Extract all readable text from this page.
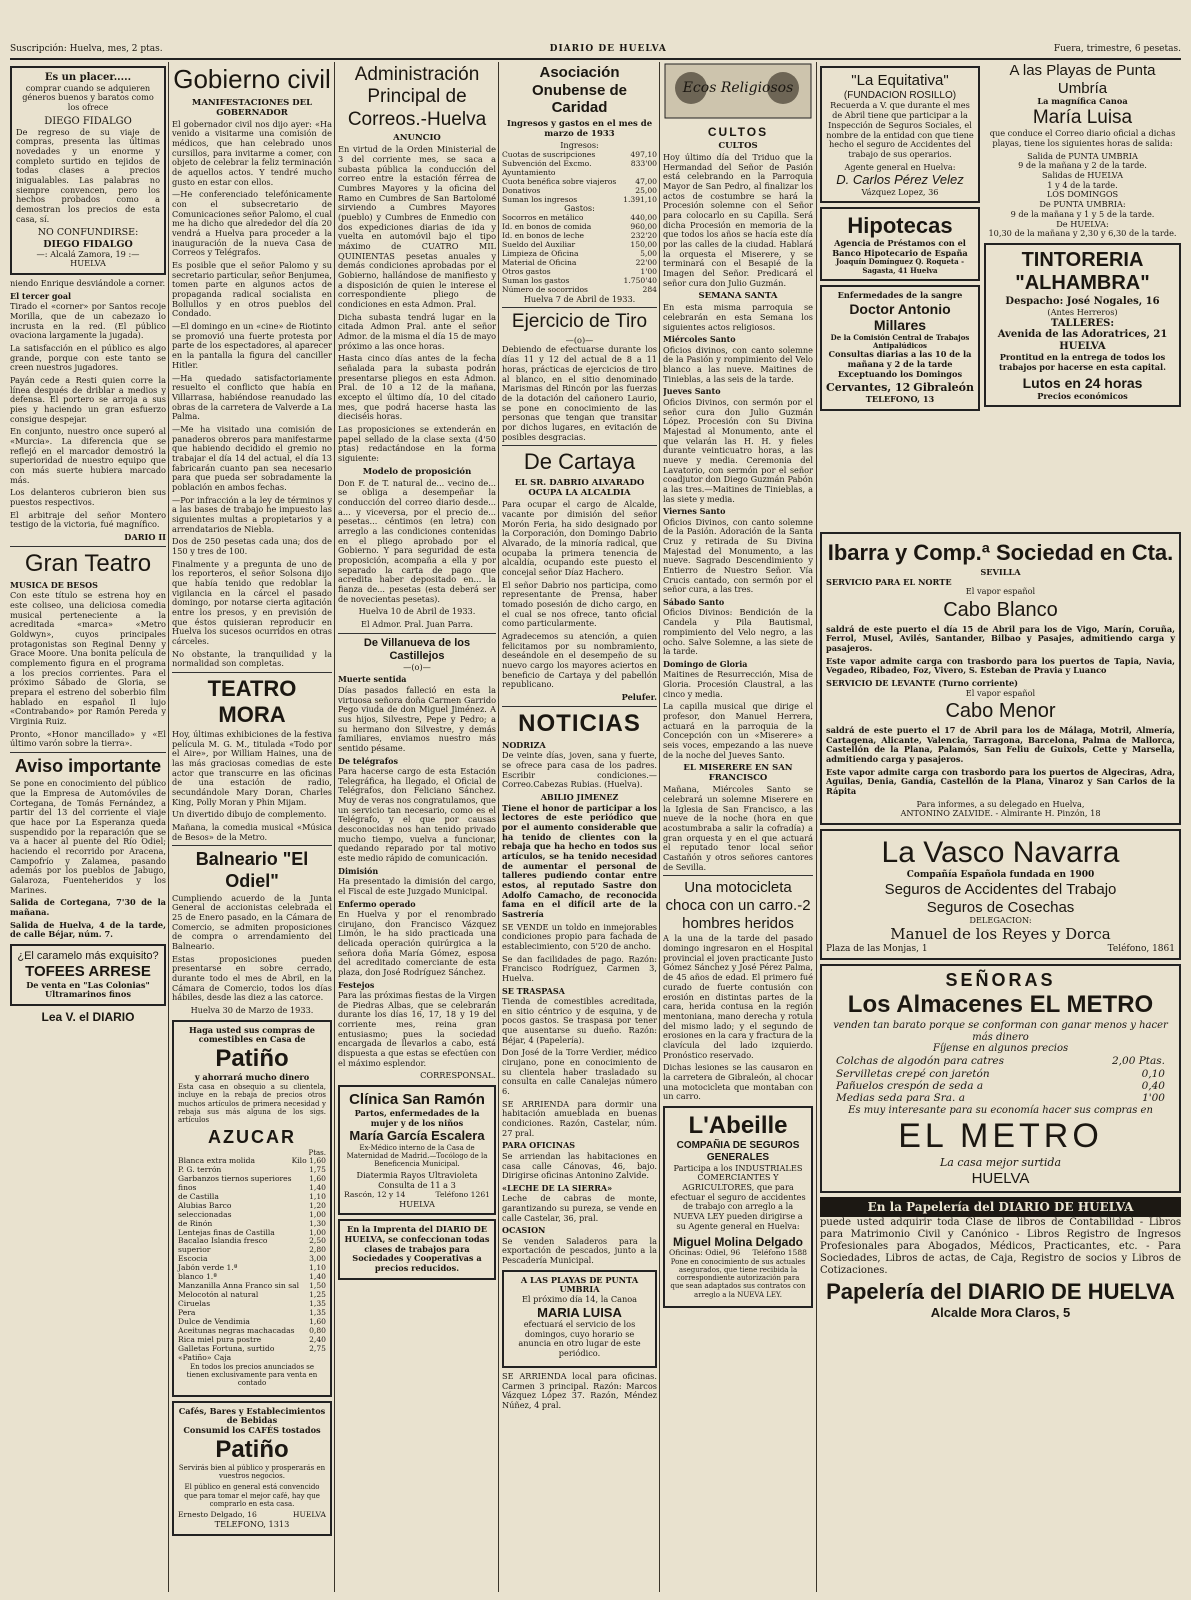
Suscripción: Huelva, mes, 2 ptas.	DIARIO DE HUELVA	Fuera, trimestre, 6 pesetas.
Es un placer.....

comprar cuando se adquieren géneros buenos y baratos como los ofrece

DIEGO FIDALGO

De regreso de su viaje de compras, presenta las últimas novedades y un enorme y completo surtido en tejidos de todas clases a precios inigualables. Las palabras no siempre convencen, pero los hechos probados como a demostran los precios de esta casa, sí.

NO CONFUNDIRSE:
DIEGO FIDALGO
—: Alcalá Zamora, 19 :—
HUELVA

niendo Enrique desviándole a corner.

El tercer goal

Tirado el «corner» por Santos recoje Morilla, que de un cabezazo lo incrusta en la red. (El público ovaciona largamente la jugada).

La satisfacción en el público es algo grande, porque con este tanto se creen nuestros jugadores.

Payán cede a Resti quien corre la línea después de driblar a medios y defensa. El portero se arroja a sus pies y haciendo un gran esfuerzo consigue despejar.

En conjunto, nuestro once superó al «Murcia». La diferencia que se reflejó en el marcador demostró la superioridad de nuestro equipo que con más suerte hubiera marcado más.

Los delanteros cubrieron bien sus puestos respectivos.

El arbitraje del señor Montero testigo de la victoria, fué magnífico.

DARIO II
Gran Teatro
MUSICA DE BESOS

Con este título se estrena hoy en este coliseo, una deliciosa comedia musical perteneciente a la acreditada «marca» «Metro Goldwyn», cuyos principales protagonistas son Reginal Denny y Grace Moore. Una bonita película de complemento figura en el programa a los precios corrientes. Para el próximo Sábado de Gloria, se prepara el estreno del soberbio film hablado en español Il lujo «Contrabando» por Ramón Pereda y Virginia Ruiz.

Pronto, «Honor mancillado» y «El último varón sobre la tierra».

Aviso importante

Se pone en conocimiento del público que la Empresa de Automóviles de Cortegana, de Tomás Fernández, a partir del 13 del corriente el viaje que hace por La Esperanza queda suspendido por la reparación que se va a hacer al puente del Río Odiel; haciendo el recorrido por Aracena, Campofrío y Zalamea, pasando además por los pueblos de Jabugo, Galaroza, Fuenteheridos y los Marines.

Salida de Cortegana, 7'30 de la mañana.

Salida de Huelva, 4 de la tarde, de calle Béjar, núm. 7.

¿El caramelo más exquisito?
TOFEES ARRESE
De venta en "Las Colonias"
Ultramarinos finos
Lea V. el DIARIO
Gobierno civil
MANIFESTACIONES DEL GOBERNADOR

El gobernador civil nos dijo ayer: «Ha venido a visitarme una comisión de médicos, que han celebrado unos cursillos, para invitarme a comer, con objeto de celebrar la feliz terminación de aquellos actos. Y tendré mucho gusto en estar con ellos.

—He conferenciado telefónicamente con el subsecretario de Comunicaciones señor Palomo, el cual me ha dicho que alrededor del día 20 vendrá a Huelva para proceder a la inauguración de la nueva Casa de Correos y Telégrafos.

Es posible que el señor Palomo y su secretario particular, señor Benjumea, tomen parte en algunos actos de propaganda radical socialista en Bollullos y en otros pueblos del Condado.

—El domingo en un «cine» de Riotinto se promovió una fuerte protesta por parte de los espectadores, al aparecer en la pantalla la figura del canciller Hitler.

—Ha quedado satisfactoriamente resuelto el conflicto que había en Villarrasa, habiéndose reanudado las obras de la carretera de Valverde a La Palma.

—Me ha visitado una comisión de panaderos obreros para manifestarme que habiendo decidido el gremio no trabajar el día 14 del actual, el día 13 fabricarán cuanto pan sea necesario para que pueda ser sobradamente la población en ambos fechas.

—Por infracción a la ley de términos y a las bases de trabajo he impuesto las siguientes multas a propietarios y a arrendatarios de Niebla.

Dos de 250 pesetas cada una; dos de 150 y tres de 100.

Finalmente y a pregunta de uno de los reporteros, el señor Solsona dijo que había tenido que redoblar la vigilancia en la cárcel el pasado domingo, por notarse cierta agitación entre los presos, y en previsión de que éstos quisieran reproducir en Huelva los sucesos ocurridos en otras cárceles.

No obstante, la tranquilidad y la normalidad son completas.

TEATRO MORA

Hoy, últimas exhibiciones de la festiva película M. G. M., titulada «Todo por el Aire», por William Haines, una de las más graciosas comedias de este actor que transcurre en las oficinas de una estación de radio, secundándole Mary Doran, Charles King, Polly Moran y Phin Mijam.

Un divertido dibujo de complemento.

Mañana, la comedia musical «Música de Besos» de la Metro.

Balneario "El Odiel"

Cumpliendo acuerdo de la Junta General de accionistas celebrada el 25 de Enero pasado, en la Cámara de Comercio, se admiten proposiciones de compra o arrendamiento del Balneario.

Estas proposiciones pueden presentarse en sobre cerrado, durante todo el mes de Abril, en la Cámara de Comercio, todos los días hábiles, desde las diez a las catorce.

Huelva 30 de Marzo de 1933.

Haga usted sus compras de comestibles en Casa de
Patiño
y ahorrará mucho dinero

Esta casa en obsequio a su clientela, incluye en la rebaja de precios otros muchos artículos de primera necesidad y rebaja sus más alguna de los sigs. artículos

AZUCAR
Ptas.
Blanca extra molida	Kilo 1,60
P. G. terrón	1,75
Garbanzos tiernos superiores 1,60
finos	1,40
de Castilla	1,10
Alubias Barco	1,20
seleccionadas	1,00
de Rinón	1,30
Lentejas finas de Castilla	1,00
Bacalao Islandia fresco	2,50
superior	2,80
Escocia	3,00
Jabón verde 1.ª	1,10
blanco 1.ª	1,40
Manzanilla Anna Franco sin sal 1,50
Melocotón al natural	1,25
Ciruelas	1,35
Pera	1,35
Dulce de Vendimia	1,60
Aceitunas negras machacadas 0,80
Rica miel pura postre	2,40
Galletas Fortuna, surtido «Patiño» Caja
2,75

En todos los precios anunciados se tienen exclusivamente para venta en contado

Cafés, Bares y Establecimientos de Bebidas
Consumid los CAFÉS tostados
Patiño

Servirás bien al público y prosperarás en vuestros negocios.

El público en general está convencido que para tomar el mejor café, hay que comprarlo en esta casa.

Ernesto Delgado, 16	HUELVA
TELEFONO, 1313
Administración Principal de Correos.-Huelva
ANUNCIO

En virtud de la Orden Ministerial de 3 del corriente mes, se saca a subasta pública la conducción del correo entre la estación férrea de Cumbres Mayores y la oficina del Ramo en Cumbres de San Bartolomé sirviendo a Cumbres Mayores (pueblo) y Cumbres de Enmedio con dos expediciones diarias de ida y vuelta en automóvil bajo el tipo máximo de CUATRO MIL QUINIENTAS pesetas anuales y demás condiciones aprobadas por el Gobierno, hallándose de manifiesto y a disposición de quien le interese el correspondiente pliego de condiciones en esta Admon. Pral.

Dicha subasta tendrá lugar en la citada Admon Pral. ante el señor Admor. de la misma el día 15 de mayo próximo a las once horas.

Hasta cinco días antes de la fecha señalada para la subasta podrán presentarse pliegos en esta Admon. Pral. de 10 a 12 de la mañana, excepto el último día, 10 del citado mes, que podrá hacerse hasta las dieciséis horas.

Las proposiciones se extenderán en papel sellado de la clase sexta (4'50 ptas) redactándose en la forma siguiente:

Modelo de proposición

Don F. de T. natural de... vecino de... se obliga a desempeñar la conducción del correo diario desde... a... y viceversa, por el precio de... pesetas... céntimos (en letra) con arreglo a las condiciones contenidas en el pliego aprobado por el Gobierno. Y para seguridad de esta proposición, acompaña a ella y por separado la carta de pago que acredita haber depositado en... la fianza de... pesetas (esta deberá ser de novecientas pesetas).

Huelva 10 de Abril de 1933.

El Admor. Pral. Juan Parra.

De Villanueva de los Castillejos
—(o)—
Muerte sentida

Días pasados falleció en esta la virtuosa señora doña Carmen Garrido Pego viuda de don Miguel Jiménez. A sus hijos, Silvestre, Pepe y Pedro; a su hermano don Silvestre, y demás familiares, enviamos nuestro más sentido pésame.

De telégrafos

Para hacerse cargo de esta Estación Telegráfica, ha llegado, el Oficial de Telégrafos, don Feliciano Sánchez. Muy de veras nos congratulamos, que un servicio tan necesario, como es el Telégrafo, y el que por causas desconocidas nos han tenido privado mucho tiempo, vuelva a funcionar, quedando reparado por tal motivo este medio rápido de comunicación.

Dimisión

Ha presentado la dimisión del cargo, el Fiscal de este Juzgado Municipal.

Enfermo operado

En Huelva y por el renombrado cirujano, don Francisco Vázquez Limón, le ha sido practicada una delicada operación quirúrgica a la señora doña María Gómez, esposa del acreditado comerciante de esta plaza, don José Rodríguez Sánchez.

Festejos

Para las próximas fiestas de la Virgen de Piedras Albas, que se celebrarán durante los días 16, 17, 18 y 19 del corriente mes, reina gran entusiasmo; pues la sociedad encargada de llevarlos a cabo, está dispuesta a que estas se efectúen con el máximo esplendor.

CORRESPONSAL.
Clínica San Ramón
Partos, enfermedades de la mujer y de los niños
María García Escalera

Ex-Médico interno de la Casa de Maternidad de Madrid.—Tocólogo de la Beneficencia Municipal.

Diatermia Rayos Ultravioleta
Consulta de 11 a 3
Rascón, 12 y 14	Teléfono 1261
HUELVA
En la Imprenta del DIARIO DE HUELVA, se confeccionan todas clases de trabajos para Sociedades y Cooperativas a precios reducidos.
Asociación Onubense de Caridad
Ingresos y gastos en el mes de marzo de 1933
Ingresos:
Cuotas de suscripciones	497,10
Subvención del Excmo. Ayuntamiento
833'00
Cuota benéfica sobre viajeros 47,00
Donativos	25,00
Suman los ingresos	1.391,10
Gastos:
Socorros en metálico	440,00
Id. en bonos de comida	960,00
Id. en bonos de leche	232'20
Sueldo del Auxiliar	150,00
Limpieza de Oficina	5,00
Material de Oficina	22'00
Otros gastos	1'00
Suman los gastos	1.750'40
Número de socorridos	284
Huelva 7 de Abril de 1933.
Ejercicio de Tiro
—(o)—

Debiendo de efectuarse durante los días 11 y 12 del actual de 8 a 11 horas, prácticas de ejercicios de tiro al blanco, en el sitio denominado Marismas del Rincón por las fuerzas de la dotación del cañonero Laurio, se pone en conocimiento de las personas que tengan que transitar por dichos lugares, en evitación de posibles desgracias.

De Cartaya
EL SR. DABRIO ALVARADO OCUPA LA ALCALDIA

Para ocupar el cargo de Alcalde, vacante por dimisión del señor Morón Feria, ha sido designado por la Corporación, don Domingo Dabrio Alvarado, de la minoría radical, que ocupaba la primera tenencia de alcaldía, ocupando este puesto el concejal señor Díaz Hachero.

El señor Dabrio nos participa, como representante de Prensa, haber tomado posesión de dicho cargo, en el cual se nos ofrece, tanto oficial como particularmente.

Agradecemos su atención, a quien felicitamos por su nombramiento, deseándole en el desempeño de su nuevo cargo los mayores aciertos en beneficio de Cartaya y del pabellón republicano.

Pelufer.
NOTICIAS
NODRIZA

De veinte días, joven, sana y fuerte, se ofrece para casa de los padres. Escribir condiciones.—Correo.Cabezas Rubias. (Huelva).

ABILIO JIMENEZ

Tiene el honor de participar a los lectores de este periódico que por el aumento considerable que ha tenido de clientes con la rebaja que ha hecho en todos sus artículos, se ha tenido necesidad de aumentar el personal de talleres pudiendo contar entre estos, al reputado Sastre don Adolfo Camacho, de reconocida fama en el difícil arte de la Sastrería

SE VENDE un toldo en inmejorables condiciones propio para fachada de establecimiento, con 5'20 de ancho.

Se dan facilidades de pago. Razón: Francisco Rodríguez, Carmen 3, Huelva.

SE TRASPASA

Tienda de comestibles acreditada, en sitio céntrico y de esquina, y de pocos gastos. Se traspasa por tener que ausentarse su dueño. Razón: Béjar, 4 (Papelería).

Don José de la Torre Verdier, médico cirujano, pone en conocimiento de su clientela haber trasladado su consulta en calle Canalejas número 6.

SE ARRIENDA para dormir una habitación amueblada en buenas condiciones. Razón, Castelar, núm. 27 pral.

PARA OFICINAS

Se arriendan las habitaciones en casa calle Cánovas, 46, bajo. Dirigirse oficinas Antonino Zalvide.

«LECHE DE LA SIERRA»

Leche de cabras de monte, garantizando su pureza, se vende en calle Castelar, 36, pral.

OCASION

Se venden Saladeros para la exportación de pescados, junto a la Pescadería Municipal.

A LAS PLAYAS DE PUNTA UMBRIA
El próximo día 14, la Canoa
MARIA LUISA

efectuará el servicio de los domingos, cuyo horario se anuncia en otro lugar de este periódico.

SE ARRIENDA local para oficinas. Carmen 3 principal. Razón: Marcos Vázquez López 37. Razón, Méndez Núñez, 4 pral.

Ecos Religiosos
CULTOS
CULTOS

Hoy último día del Triduo que la Hermandad del Señor de Pasión está celebrando en la Parroquia Mayor de San Pedro, al finalizar los actos de costumbre se hará la Procesión solemne con el Señor para colocarlo en su Capilla. Será dicha Procesión en memoria de la que todos los años se hacía este día por las calles de la ciudad. Hablará la orquesta el Miserere, y se terminará con el Besapié de la Imagen del Señor. Predicará el señor cura don Julio Guzmán.

SEMANA SANTA

En esta misma parroquia se celebrarán en esta Semana los siguientes actos religiosos.

Miércoles Santo

Oficios divinos, con canto solemne de la Pasión y rompimiento del Velo blanco a las nueve. Maitines de Tinieblas, a las seis de la tarde.

Jueves Santo

Oficios Divinos, con sermón por el señor cura don Julio Guzmán López. Procesión con Su Divina Majestad al Monumento, ante el que velarán las H. H. y fieles durante veinticuatro horas, a las nueve y media. Ceremonia del Lavatorio, con sermón por el señor coadjutor don Diego Guzmán Pabón a las tres.—Maitines de Tinieblas, a las siete y media.

Viernes Santo

Oficios Divinos, con canto solemne de la Pasión. Adoración de la Santa Cruz y retirada de Su Divina Majestad del Monumento, a las nueve. Sagrado Descendimiento y Entierro de Nuestro Señor. Vía Crucis cantado, con sermón por el señor cura, a las tres.

Sábado Santo

Oficios Divinos: Bendición de la Candela y Pila Bautismal, rompimiento del Velo negro, a las ocho. Salve Solemne, a las siete de la tarde.

Domingo de Gloria

Maitines de Resurrección, Misa de Gloria. Procesión Claustral, a las cinco y media.

La capilla musical que dirige el profesor, don Manuel Herrera, actuará en la parroquia de la Concepción con un «Miserere» a seis voces, empezando a las nueve de la noche del Jueves Santo.

EL MISERERE EN SAN FRANCISCO

Mañana, Miércoles Santo se celebrará un solemne Miserere en la Iglesia de San Francisco, a las nueve de la noche (hora en que acostumbraba a salir la cofradía) a gran orquesta y en el que actuará el reputado tenor local señor Castañón y otros señores cantores de Sevilla.

Una motocicleta choca con un carro.-2 hombres heridos

A la una de la tarde del pasado domingo ingresaron en el Hospital provincial el joven practicante Justo Gómez Sánchez y José Pérez Palma, de 45 años de edad. El primero fué curado de fuerte contusión con erosión en distintas partes de la cara, herida contusa en la región mentoniana, mano derecha y rotula del mismo lado; y el segundo de erosiones en la cara y fractura de la clavícula del lado izquierdo. Pronóstico reservado.

Dichas lesiones se las causaron en la carretera de Gibraleón, al chocar una motocicleta que montaban con un carro.

L'Abeille
COMPAÑIA DE SEGUROS GENERALES

Participa a los INDUSTRIALES COMERCIANTES Y AGRICULTORES, que para efectuar el seguro de accidentes de trabajo con arreglo a la NUEVA LEY pueden dirigirse a su Agente general en Huelva:

Miguel Molina Delgado
Oficinas: Odiel, 96 Teléfono 1588

Pone en conocimiento de sus actuales asegurados, que tiene recibida la correspondiente autorización para que sean adaptados sus contratos con arreglo a la NUEVA LEY.

"La Equitativa"
(FUNDACION ROSILLO)

Recuerda a V. que durante el mes de Abril tiene que participar a la Inspección de Seguros Sociales, el nombre de la entidad con que tiene hecho el seguro de Accidentes del trabajo de sus operarios.

Agente general en Huelva:
D. Carlos Pérez Velez
Vázquez Lopez, 36
Hipotecas
Agencia de Préstamos con el
Banco Hipotecario de España
Joaquín Domínguez Q. Roqueta - Sagasta, 41 Huelva
Enfermedades de la sangre
Doctor Antonio Millares
De la Comisión Central de Trabajos Antipalúdicos

Consultas diarias a las 10 de la mañana y 2 de la tarde Exceptuando los Domingos

Cervantes, 12 Gibraleón
TELEFONO, 13
A las Playas de Punta Umbría
La magnífica Canoa
María Luisa

que conduce el Correo diario oficial a dichas playas, tiene los siguientes horas de salida:

Salida de PUNTA UMBRIA
9 de la mañana y 2 de la tarde.
Salidas de HUELVA
1 y 4 de la tarde.
LOS DOMINGOS
De PUNTA UMBRIA:
9 de la mañana y 1 y 5 de la tarde.
De HUELVA:
10,30 de la mañana y 2,30 y 6,30 de la tarde.
TINTORERIA
"ALHAMBRA"
Despacho: José Nogales, 16
(Antes Herreros)
TALLERES:
Avenida de las Adoratrices, 21
HUELVA

Prontitud en la entrega de todos los trabajos por hacerse en esta capital.

Lutos en 24 horas
Precios económicos
Ibarra y Comp.ª Sociedad en Cta.
SEVILLA
SERVICIO PARA EL NORTE
El vapor español
Cabo Blanco

saldrá de este puerto el día 15 de Abril para los de Vigo, Marín, Coruña, Ferrol, Musel, Avilés, Santander, Bilbao y Pasajes, admitiendo carga y pasajeros.

Este vapor admite carga con trasbordo para los puertos de Tapia, Navia, Vegadeo, Ribadeo, Foz, Vivero, S. Esteban de Pravia y Luanco

SERVICIO DE LEVANTE (Turno corriente)
El vapor español
Cabo Menor

saldrá de este puerto el 17 de Abril para los de Málaga, Motril, Almería, Cartagena, Alicante, Valencia, Tarragona, Barcelona, Palma de Mallorca, Castellón de la Plana, Palamós, San Feliu de Guixols, Cette y Marsella, admitiendo carga y pasajeros.

Este vapor admite carga con trasbordo para los puertos de Algeciras, Adra, Aguilas, Denia, Gandía, Castellón de la Plana, Vinaroz y San Carlos de la Rápita

Para informes, a su delegado en Huelva,
ANTONINO ZALVIDE. - Almirante H. Pinzón, 18
La Vasco Navarra
Compañía Española fundada en 1900
Seguros de Accidentes del Trabajo
Seguros de Cosechas
DELEGACION:
Manuel de los Reyes y Dorca
Plaza de las Monjas, 1	Teléfono, 1861
SEÑORAS
Los Almacenes EL METRO
venden tan barato porque se conforman con ganar menos y hacer más dinero
Fíjense en algunos precios
Colchas de algodón para catres	2,00 Ptas.
Servilletas crepé con jaretón	0,10
Pañuelos crespón de seda a	0,40
Medias seda para Sra. a	1'00
Es muy interesante para su economía hacer sus compras en
EL METRO
La casa mejor surtida
HUELVA
En la Papelería del DIARIO DE HUELVA

puede usted adquirir toda Clase de libros de Contabilidad - Libros para Matrimonio Civil y Canónico - Libros Registro de Ingresos Profesionales para Abogados, Médicos, Practicantes, etc. - Para Sociedades, Libros de actas, de Caja, Registro de socios y Libros de Cotizaciones.

Papelería del DIARIO DE HUELVA
Alcalde Mora Claros, 5
